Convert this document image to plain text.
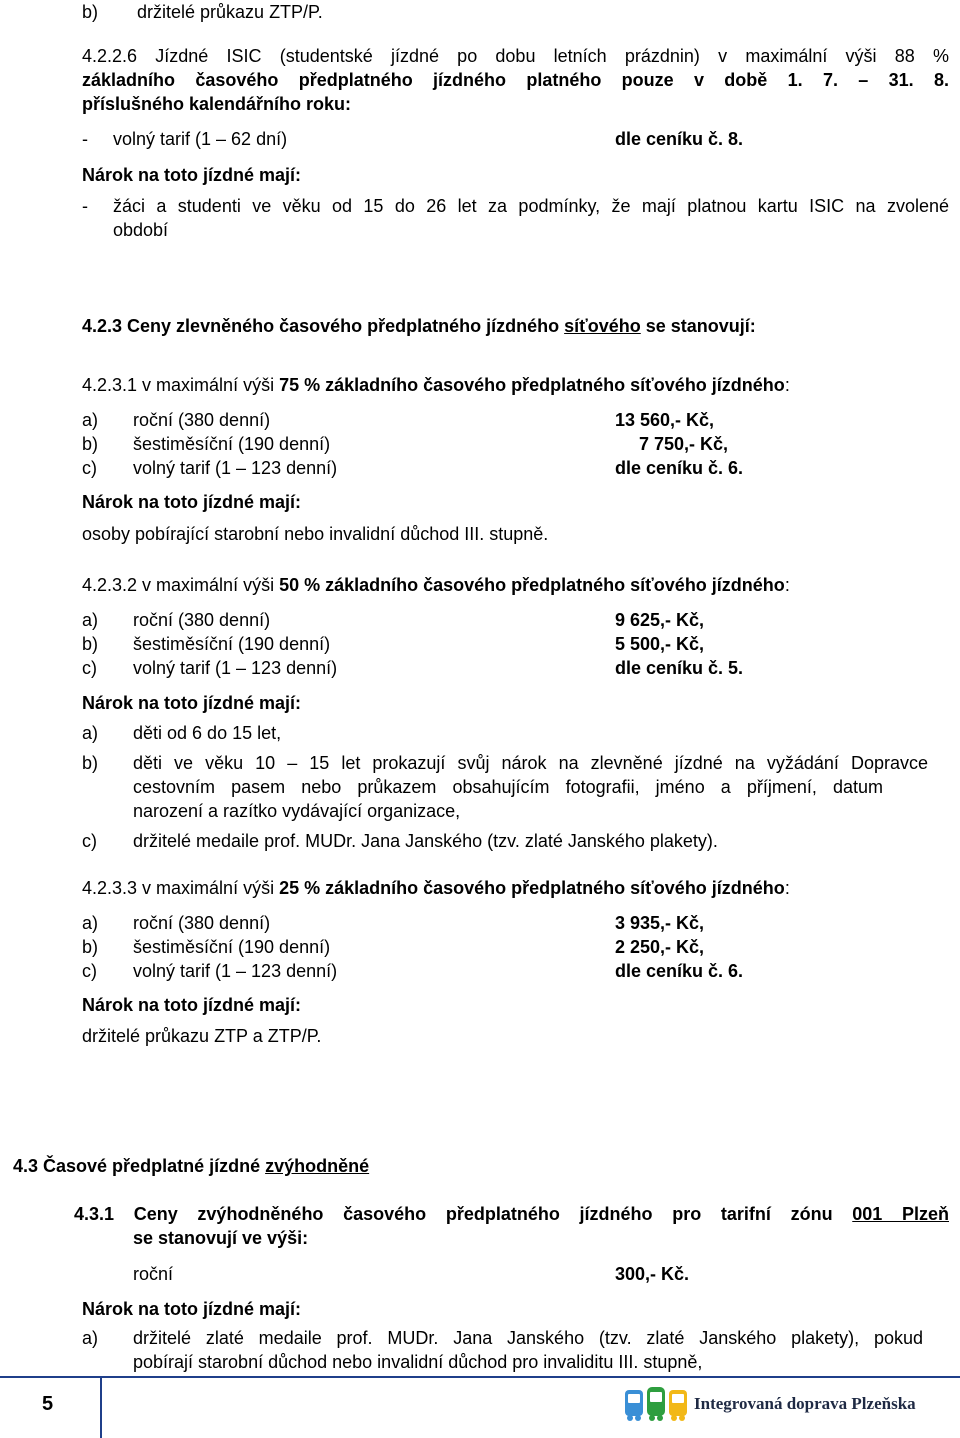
b) držitelé průkazu ZTP/P.
4.2.2.6 Jízdné ISIC (studentské jízdné po dobu letních prázdnin) v maximální výši 88 %
základního časového předplatného jízdného platného pouze v době 1. 7. – 31. 8.
příslušného kalendářního roku:
- volný tarif (1 – 62 dní)	dle ceníku č. 8.
Nárok na toto jízdné mají:
- žáci a studenti ve věku od 15 do 26 let za podmínky, že mají platnou kartu ISIC na zvolené
období
4.2.3 Ceny zlevněného časového předplatného jízdného síťového se stanovují:
4.2.3.1 v maximální výši 75 % základního časového předplatného síťového jízdného:
a) roční (380 denní)	13 560,- Kč,
b) šestiměsíční (190 denní)	7 750,- Kč,
c) volný tarif (1 – 123 denní)	dle ceníku č. 6.
Nárok na toto jízdné mají:
osoby pobírající starobní nebo invalidní důchod III. stupně.
4.2.3.2 v maximální výši 50 % základního časového předplatného síťového jízdného:
a) roční (380 denní)	9 625,- Kč,
b) šestiměsíční (190 denní)	5 500,- Kč,
c) volný tarif (1 – 123 denní)	dle ceníku č. 5.
Nárok na toto jízdné mají:
a) děti od 6 do 15 let,
b) děti ve věku 10 – 15 let prokazují svůj nárok na zlevněné jízdné na vyžádání Dopravce
cestovním pasem nebo průkazem obsahujícím fotografii, jméno a příjmení, datum
narození a razítko vydávající organizace,
c) držitelé medaile prof. MUDr. Jana Janského (tzv. zlaté Janského plakety).
4.2.3.3 v maximální výši 25 % základního časového předplatného síťového jízdného:
a) roční (380 denní)	3 935,- Kč,
b) šestiměsíční (190 denní)	2 250,- Kč,
c) volný tarif (1 – 123 denní)	dle ceníku č. 6.
Nárok na toto jízdné mají:
držitelé průkazu ZTP a ZTP/P.
4.3 Časové předplatné jízdné zvýhodněné
4.3.1 Ceny zvýhodněného časového předplatného jízdného pro tarifní zónu 001 Plzeň
se stanovují ve výši:
roční	300,- Kč.
Nárok na toto jízdné mají:
a) držitelé zlaté medaile prof. MUDr. Jana Janského (tzv. zlaté Janského plakety), pokud
pobírají starobní důchod nebo invalidní důchod pro invaliditu III. stupně,
5	Integrovaná doprava Plzeňska
